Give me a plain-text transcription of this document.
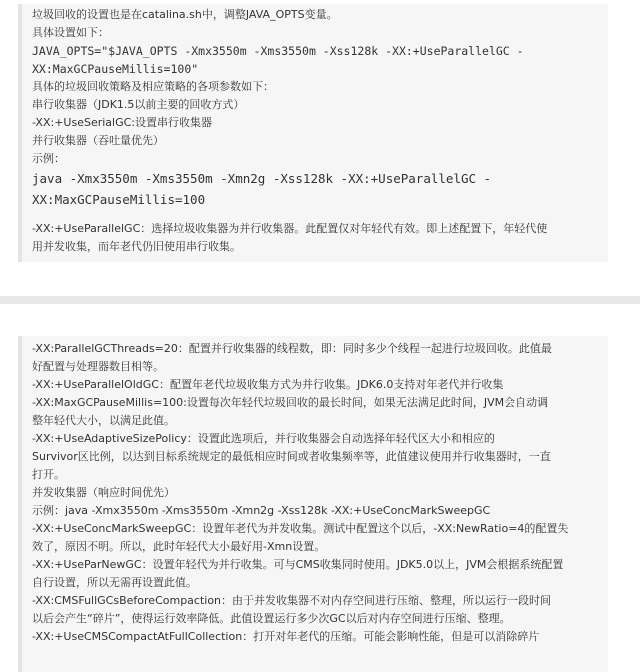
垃圾回收的设置也是在catalina.sh中，调整JAVA_OPTS变量。
具体设置如下：
JAVA_OPTS="$JAVA_OPTS -Xmx3550m -Xms3550m -Xss128k -XX:+UseParallelGC -
XX:MaxGCPauseMillis=100"
具体的垃圾回收策略及相应策略的各项参数如下：
串行收集器（JDK1.5以前主要的回收方式）
-XX:+UseSerialGC:设置串行收集器
并行收集器（吞吐量优先）
示例：
java -Xmx3550m -Xms3550m -Xmn2g -Xss128k -XX:+UseParallelGC -
XX:MaxGCPauseMillis=100
-XX:+UseParallelGC：选择垃圾收集器为并行收集器。此配置仅对年轻代有效。即上述配置下，年轻代使
用并发收集，而年老代仍旧使用串行收集。
-XX:ParallelGCThreads=20：配置并行收集器的线程数，即：同时多少个线程一起进行垃圾回收。此值最
好配置与处理器数目相等。
-XX:+UseParallelOldGC：配置年老代垃圾收集方式为并行收集。JDK6.0支持对年老代并行收集
-XX:MaxGCPauseMillis=100:设置每次年轻代垃圾回收的最长时间，如果无法满足此时间，JVM会自动调
整年轻代大小，以满足此值。
-XX:+UseAdaptiveSizePolicy：设置此选项后，并行收集器会自动选择年轻代区大小和相应的
Survivor区比例，以达到目标系统规定的最低相应时间或者收集频率等，此值建议使用并行收集器时，一直
打开。
并发收集器（响应时间优先）
示例：java -Xmx3550m -Xms3550m -Xmn2g -Xss128k -XX:+UseConcMarkSweepGC
-XX:+UseConcMarkSweepGC：设置年老代为并发收集。测试中配置这个以后，-XX:NewRatio=4的配置失
效了，原因不明。所以，此时年轻代大小最好用-Xmn设置。
-XX:+UseParNewGC：设置年轻代为并行收集。可与CMS收集同时使用。JDK5.0以上，JVM会根据系统配置
自行设置，所以无需再设置此值。
-XX:CMSFullGCsBeforeCompaction：由于并发收集器不对内存空间进行压缩、整理，所以运行一段时间
以后会产生“碎片”，使得运行效率降低。此值设置运行多少次GC以后对内存空间进行压缩、整理。
-XX:+UseCMSCompactAtFullCollection：打开对年老代的压缩。可能会影响性能，但是可以消除碎片
